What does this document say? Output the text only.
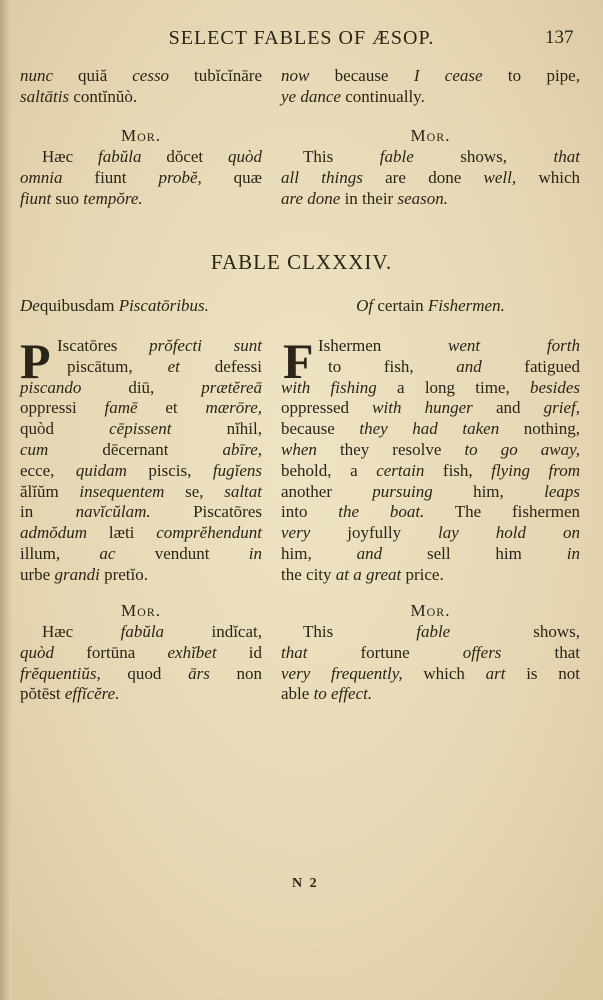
SELECT FABLES OF ÆSOP.	137
nunc quiă cesso tubĭcĭnāre
saltātis contĭnŭò.
now because I cease to pipe,
ye dance continually.
Mor.	Mor.
Hæc fabŭla dŏcet quòd
omnia fiunt probĕ, quæ
fiunt suo tempŏre.
This fable shows, that
all things are done well, which
are done in their season.
FABLE CLXXXIV.
Dequibusdam Piscatōribus.	Of certain Fishermen.
P	F
Iscatōres prŏfecti sunt
piscātum, et defessi
piscando diū, prætĕreā
oppressi famē et mærōre,
quòd cēpissent nĭhil,
cum dēcernant abīre,
ecce, quidam piscis, fugĭens
ălĭŭm insequentem se, saltat
in navĭcŭlam. Piscatōres
admŏdum læti comprĕhendunt
illum, ac vendunt in
urbe grandi pretĭo.
Ishermen went forth
to fish, and fatigued
with fishing a long time, besides
oppressed with hunger and grief,
because they had taken nothing,
when they resolve to go away,
behold, a certain fish, flying from
another pursuing him, leaps
into the boat. The fishermen
very joyfully lay hold on
him, and sell him in
the city at a great price.
Mor.	Mor.
Hæc fabŭla indĭcat,
quòd fortūna exhĭbet id
frĕquentiŭs, quod ārs non
pŏtēst effĭcĕre.
This fable shows,
that fortune offers that
very frequently, which art is not
able to effect.
N 2
